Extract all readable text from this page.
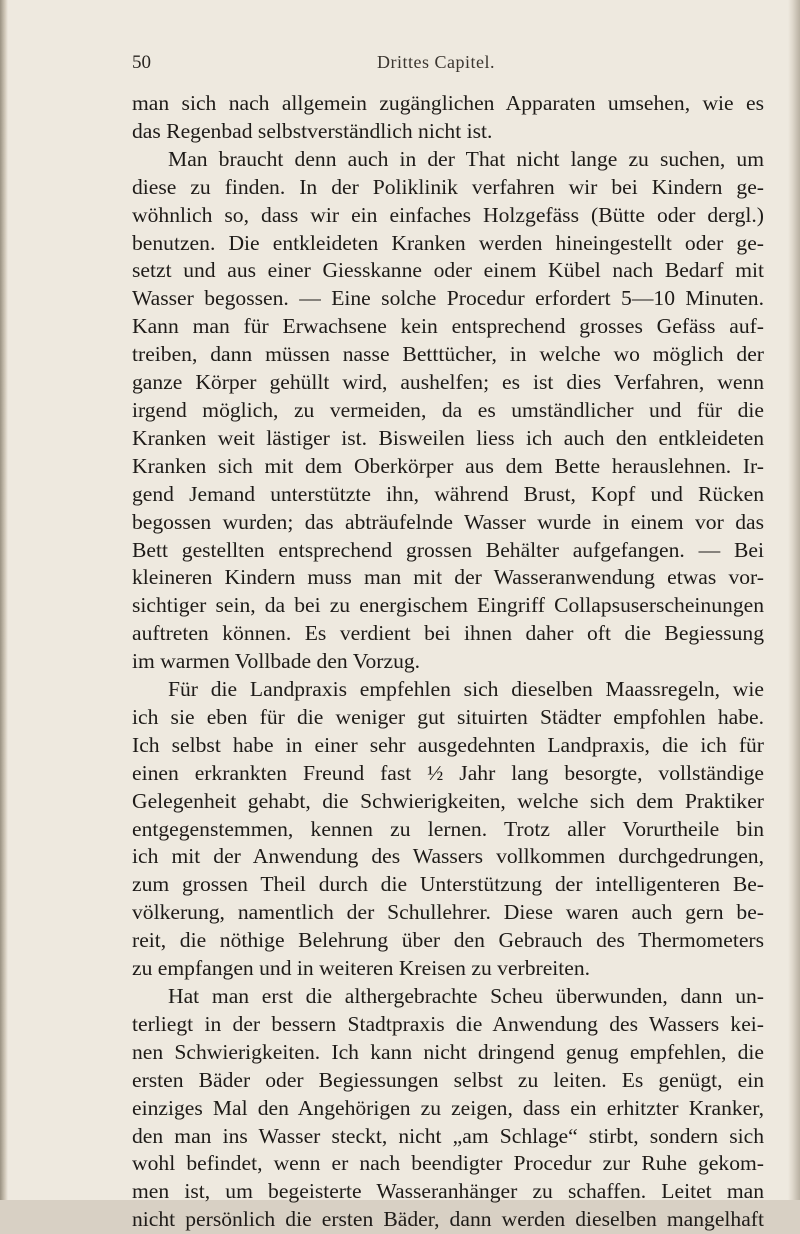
50	Drittes Capitel.
man sich nach allgemein zugänglichen Apparaten umsehen, wie es
das Regenbad selbstverständlich nicht ist.
Man braucht denn auch in der That nicht lange zu suchen, um
diese zu finden. In der Poliklinik verfahren wir bei Kindern ge-
wöhnlich so, dass wir ein einfaches Holzgefäss (Bütte oder dergl.)
benutzen. Die entkleideten Kranken werden hineingestellt oder ge-
setzt und aus einer Giesskanne oder einem Kübel nach Bedarf mit
Wasser begossen. — Eine solche Procedur erfordert 5—10 Minuten.
Kann man für Erwachsene kein entsprechend grosses Gefäss auf-
treiben, dann müssen nasse Betttücher, in welche wo möglich der
ganze Körper gehüllt wird, aushelfen; es ist dies Verfahren, wenn
irgend möglich, zu vermeiden, da es umständlicher und für die
Kranken weit lästiger ist. Bisweilen liess ich auch den entkleideten
Kranken sich mit dem Oberkörper aus dem Bette herauslehnen. Ir-
gend Jemand unterstützte ihn, während Brust, Kopf und Rücken
begossen wurden; das abträufelnde Wasser wurde in einem vor das
Bett gestellten entsprechend grossen Behälter aufgefangen. — Bei
kleineren Kindern muss man mit der Wasseranwendung etwas vor-
sichtiger sein, da bei zu energischem Eingriff Collapsuserscheinungen
auftreten können. Es verdient bei ihnen daher oft die Begiessung
im warmen Vollbade den Vorzug.
Für die Landpraxis empfehlen sich dieselben Maassregeln, wie
ich sie eben für die weniger gut situirten Städter empfohlen habe.
Ich selbst habe in einer sehr ausgedehnten Landpraxis, die ich für
einen erkrankten Freund fast ½ Jahr lang besorgte, vollständige
Gelegenheit gehabt, die Schwierigkeiten, welche sich dem Praktiker
entgegenstemmen, kennen zu lernen. Trotz aller Vorurtheile bin
ich mit der Anwendung des Wassers vollkommen durchgedrungen,
zum grossen Theil durch die Unterstützung der intelligenteren Be-
völkerung, namentlich der Schullehrer. Diese waren auch gern be-
reit, die nöthige Belehrung über den Gebrauch des Thermometers
zu empfangen und in weiteren Kreisen zu verbreiten.
Hat man erst die althergebrachte Scheu überwunden, dann un-
terliegt in der bessern Stadtpraxis die Anwendung des Wassers kei-
nen Schwierigkeiten. Ich kann nicht dringend genug empfehlen, die
ersten Bäder oder Begiessungen selbst zu leiten. Es genügt, ein
einziges Mal den Angehörigen zu zeigen, dass ein erhitzter Kranker,
den man ins Wasser steckt, nicht „am Schlage“ stirbt, sondern sich
wohl befindet, wenn er nach beendigter Procedur zur Ruhe gekom-
men ist, um begeisterte Wasseranhänger zu schaffen. Leitet man
nicht persönlich die ersten Bäder, dann werden dieselben mangelhaft
